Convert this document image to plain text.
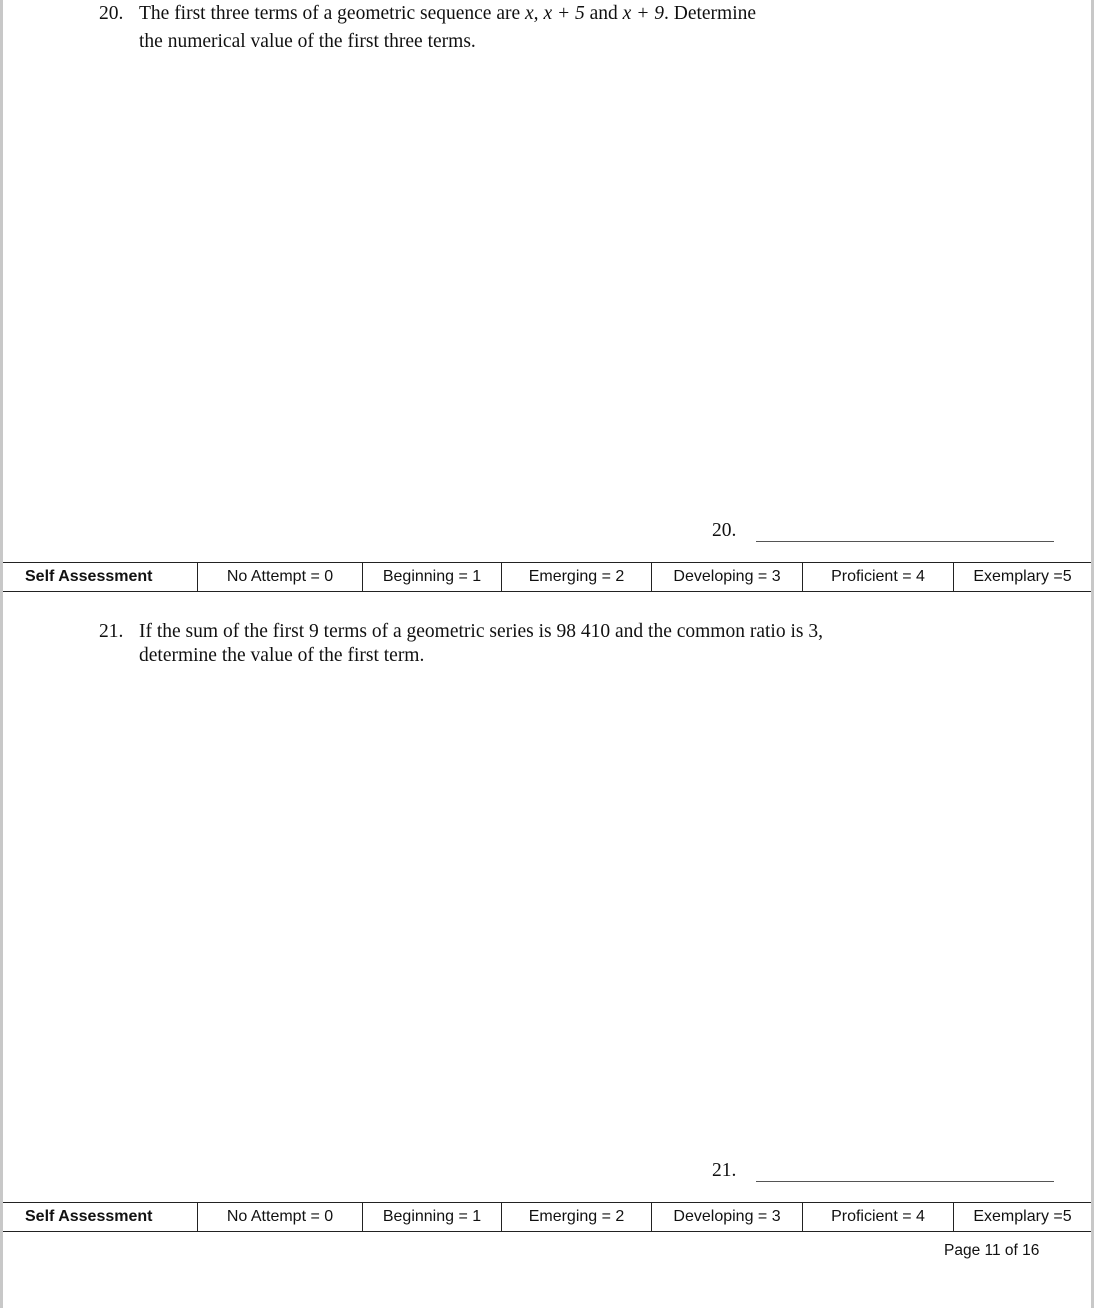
20. The first three terms of a geometric sequence are x, x + 5 and x + 9. Determine
the numerical value of the first three terms.
20.
Self Assessment	No Attempt = 0	Beginning = 1	Emerging = 2	Developing = 3	Proficient = 4	Exemplary =5
21. If the sum of the first 9 terms of a geometric series is 98 410 and the common ratio is 3,
determine the value of the first term.
21.
Self Assessment	No Attempt = 0	Beginning = 1	Emerging = 2	Developing = 3	Proficient = 4	Exemplary =5
Page 11 of 16
